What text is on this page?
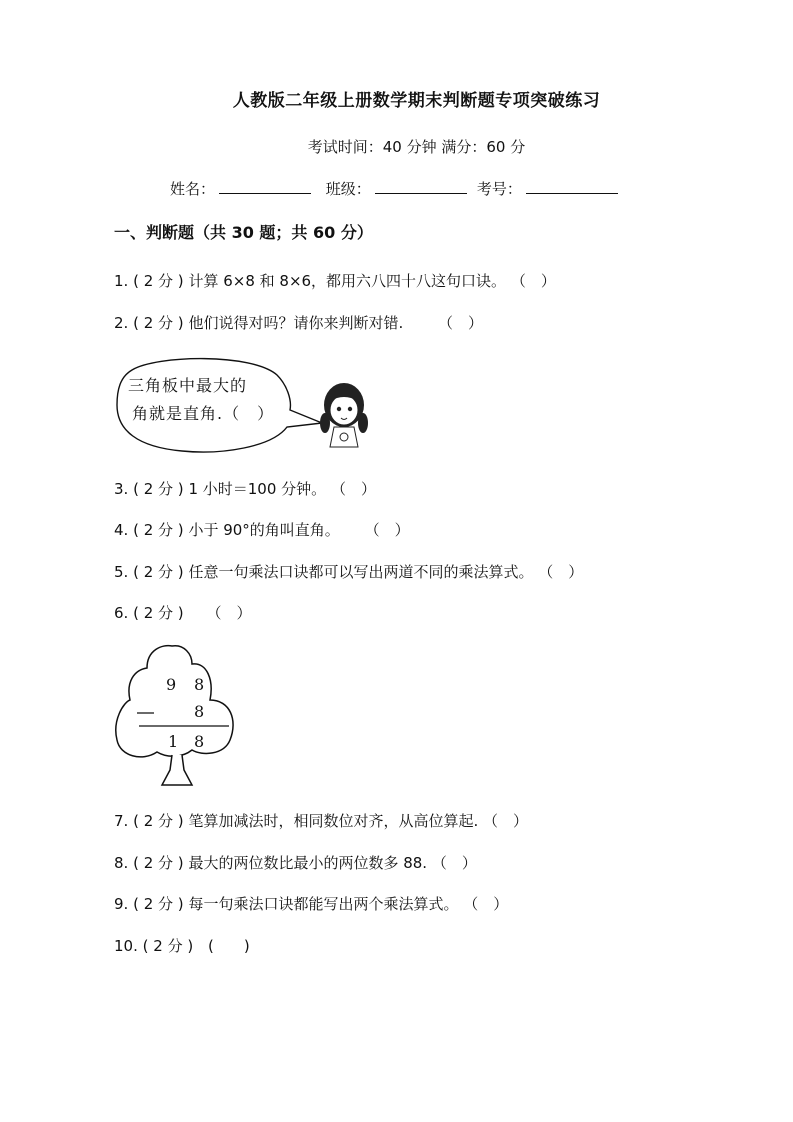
人教版二年级上册数学期末判断题专项突破练习
考试时间：40 分钟 满分：60 分
姓名：	班级：	考号：
一、判断题（共 30 题；共 60 分）
1. ( 2 分 ) 计算 6×8 和 8×6，都用六八四十八这句口诀。 （　）
2. ( 2 分 ) 他们说得对吗？请你来判断对错. （　）
三角板中最大的
角就是直角.（　）
3. ( 2 分 ) 1 小时＝100 分钟。 （　）
4. ( 2 分 ) 小于 90°的角叫直角。 （　）
5. ( 2 分 ) 任意一句乘法口诀都可以写出两道不同的乘法算式。 （　）
6. ( 2 分 ) （　）
9 8
8
1 8
7. ( 2 分 ) 笔算加减法时，相同数位对齐，从高位算起. （　）
8. ( 2 分 ) 最大的两位数比最小的两位数多 88. （　）
9. ( 2 分 ) 每一句乘法口诀都能写出两个乘法算式。 （　）
10. ( 2 分 ) (　　)
